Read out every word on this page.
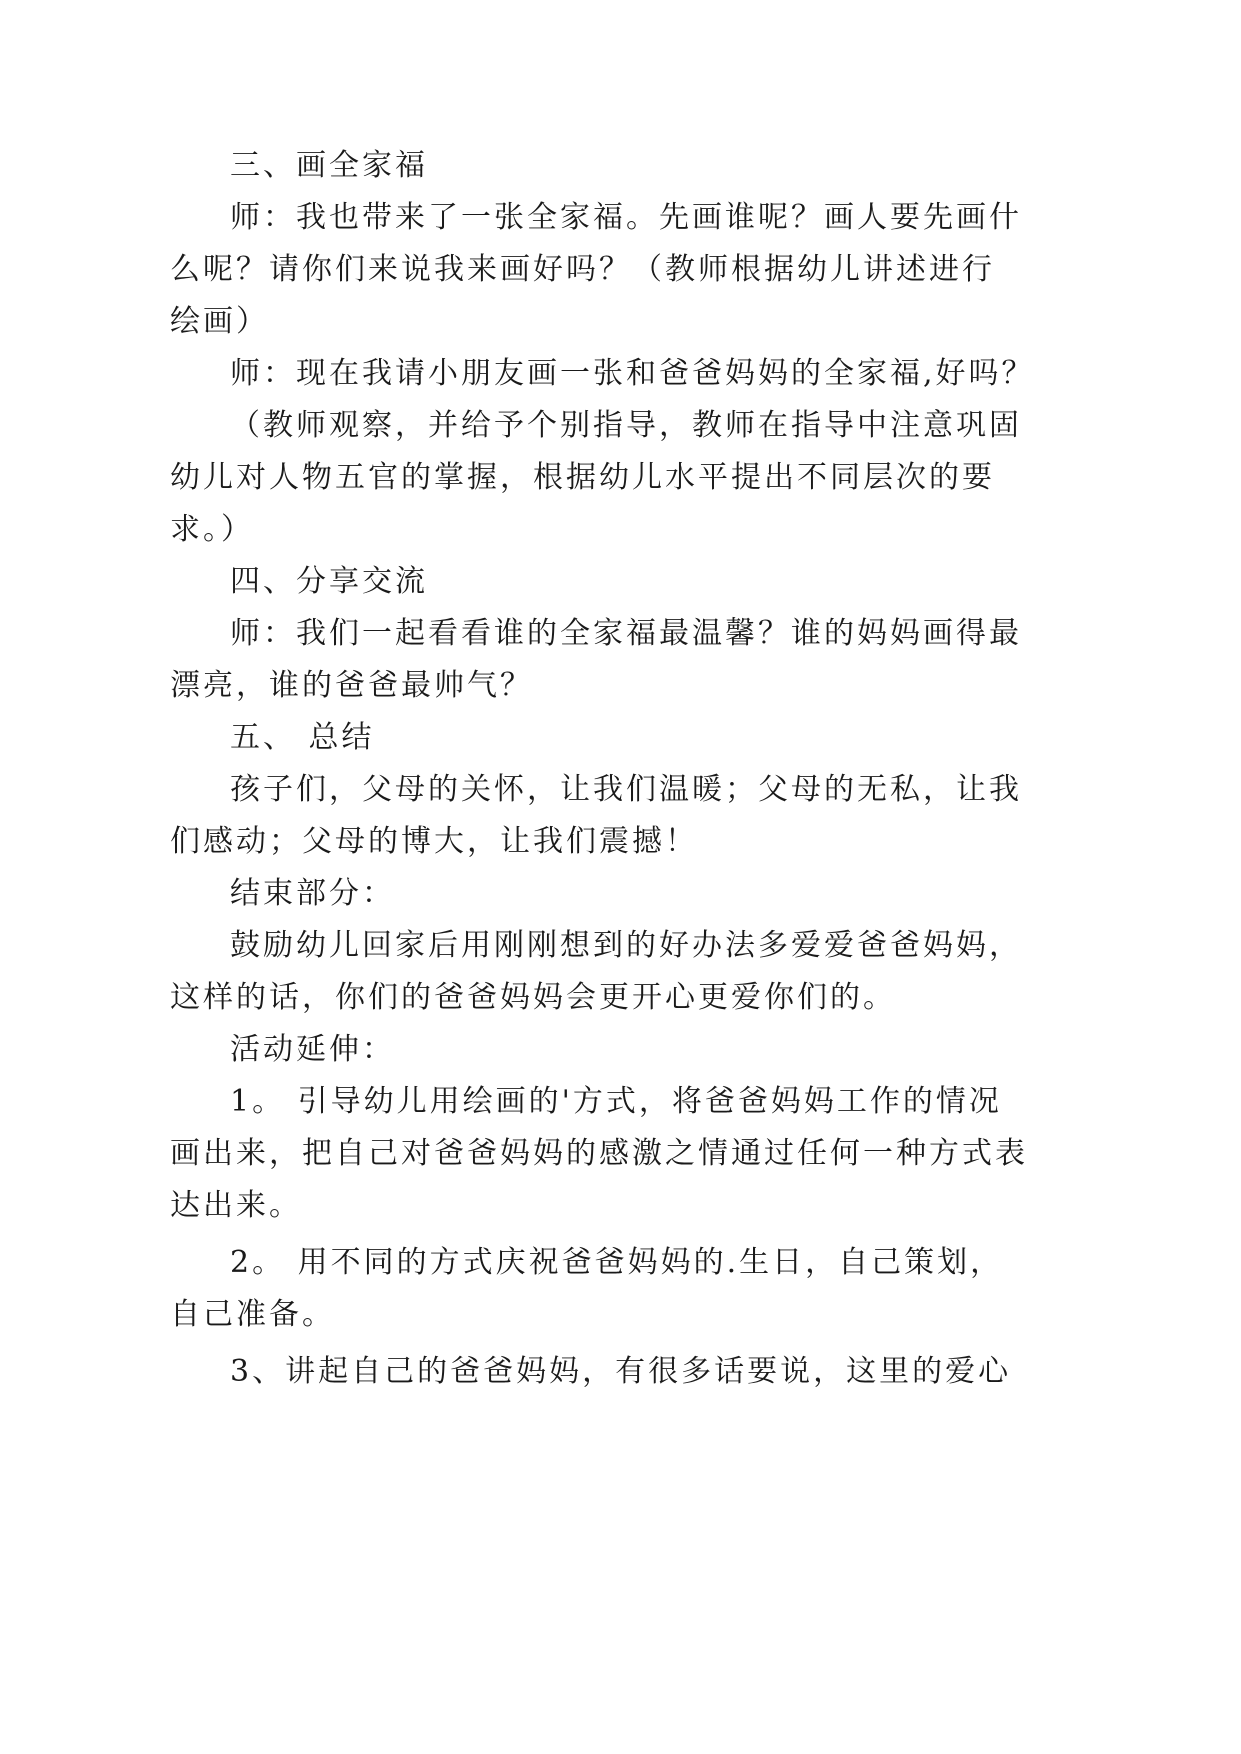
三、画全家福
师：我也带来了一张全家福。先画谁呢？画人要先画什
么呢？请你们来说我来画好吗？（教师根据幼儿讲述进行
绘画）
师：现在我请小朋友画一张和爸爸妈妈的全家福,好吗？
（教师观察，并给予个别指导，教师在指导中注意巩固
幼儿对人物五官的掌握，根据幼儿水平提出不同层次的要
求。）
四、分享交流
师：我们一起看看谁的全家福最温馨？谁的妈妈画得最
漂亮，谁的爸爸最帅气？
五、 总结
孩子们，父母的关怀，让我们温暖；父母的无私，让我
们感动；父母的博大，让我们震撼！
结束部分：
鼓励幼儿回家后用刚刚想到的好办法多爱爱爸爸妈妈，
这样的话，你们的爸爸妈妈会更开心更爱你们的。
活动延伸：
1。 引导幼儿用绘画的'方式，将爸爸妈妈工作的情况
画出来，把自己对爸爸妈妈的感激之情通过任何一种方式表
达出来。
2。 用不同的方式庆祝爸爸妈妈的.生日，自己策划，
自己准备。
3、讲起自己的爸爸妈妈，有很多话要说，这里的爱心
